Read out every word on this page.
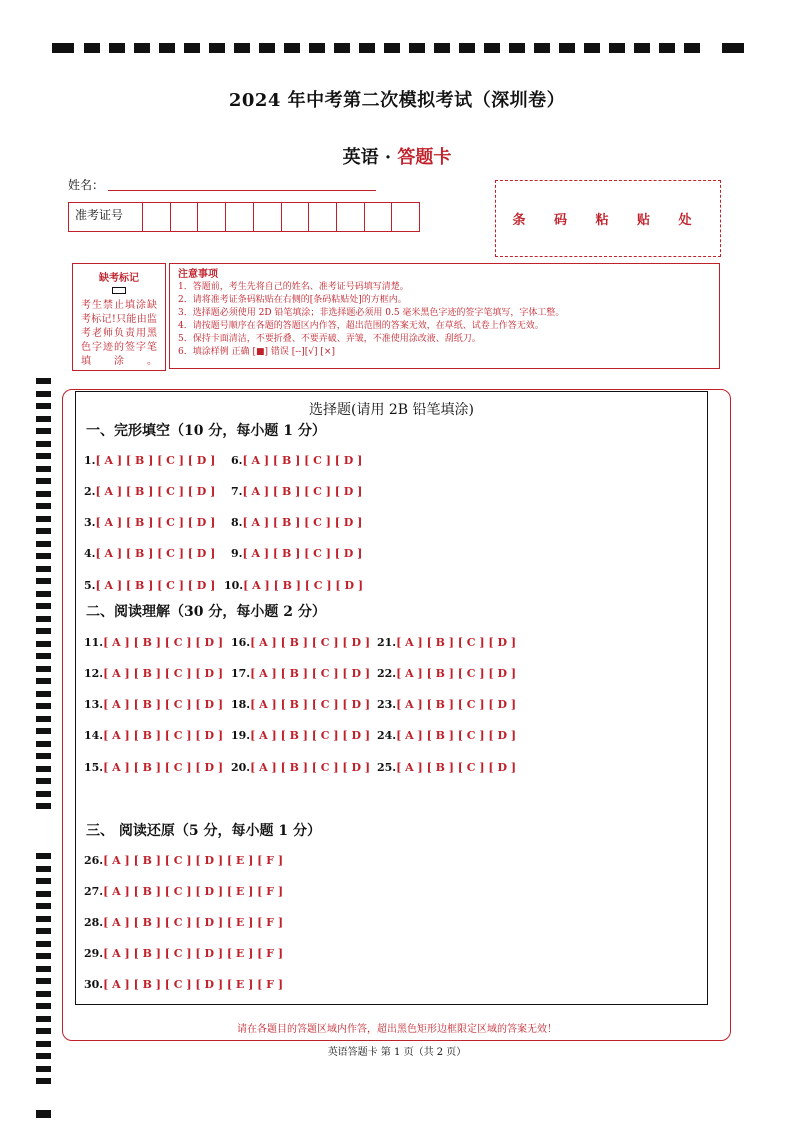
2024 年中考第二次模拟考试（深圳卷）
英语 · 答题卡
姓名：
准考证号	条 码 粘 贴 处
缺考标记
考生禁止填涂缺考标记!只能由监考老师负责用黑色字迹的签字笔填涂。
注意事项
1．答题前，考生先将自己的姓名、准考证号码填写清楚。
2．请将准考证条码粘贴在右侧的[条码粘贴处]的方框内。
3．选择题必须使用 2D 铅笔填涂；非选择题必须用 0.5 毫米黑色字迹的签字笔填写，字体工整。
4．请按题号顺序在各题的答题区内作答，超出范围的答案无效，在草纸、试卷上作答无效。
5．保持卡面清洁，不要折叠、不要弄破、弄皱，不准使用涂改液、刮纸刀。
6．填涂样例 正确 [■] 错误 [--][√] [×]
选择题(请用 2B 铅笔填涂)
一、完形填空（10 分，每小题 1 分）
二、阅读理解（30 分，每小题 2 分）
三、 阅读还原（5 分，每小题 1 分）
1.[ A ] [ B ] [ C ] [ D ] 6.[ A ] [ B ] [ C ] [ D ]
2.[ A ] [ B ] [ C ] [ D ] 7.[ A ] [ B ] [ C ] [ D ]
3.[ A ] [ B ] [ C ] [ D ] 8.[ A ] [ B ] [ C ] [ D ]
4.[ A ] [ B ] [ C ] [ D ] 9.[ A ] [ B ] [ C ] [ D ]
5.[ A ] [ B ] [ C ] [ D ] 10.[ A ] [ B ] [ C ] [ D ]
11.[ A ] [ B ] [ C ] [ D ] 16.[ A ] [ B ] [ C ] [ D ] 21.[ A ] [ B ] [ C ] [ D ]
12.[ A ] [ B ] [ C ] [ D ] 17.[ A ] [ B ] [ C ] [ D ] 22.[ A ] [ B ] [ C ] [ D ]
13.[ A ] [ B ] [ C ] [ D ] 18.[ A ] [ B ] [ C ] [ D ] 23.[ A ] [ B ] [ C ] [ D ]
14.[ A ] [ B ] [ C ] [ D ] 19.[ A ] [ B ] [ C ] [ D ] 24.[ A ] [ B ] [ C ] [ D ]
15.[ A ] [ B ] [ C ] [ D ] 20.[ A ] [ B ] [ C ] [ D ] 25.[ A ] [ B ] [ C ] [ D ]
26.[ A ] [ B ] [ C ] [ D ] [ E ] [ F ]
27.[ A ] [ B ] [ C ] [ D ] [ E ] [ F ]
28.[ A ] [ B ] [ C ] [ D ] [ E ] [ F ]
29.[ A ] [ B ] [ C ] [ D ] [ E ] [ F ]
30.[ A ] [ B ] [ C ] [ D ] [ E ] [ F ]
请在各题目的答题区域内作答，超出黑色矩形边框限定区域的答案无效！
英语答题卡 第 1 页（共 2 页）
